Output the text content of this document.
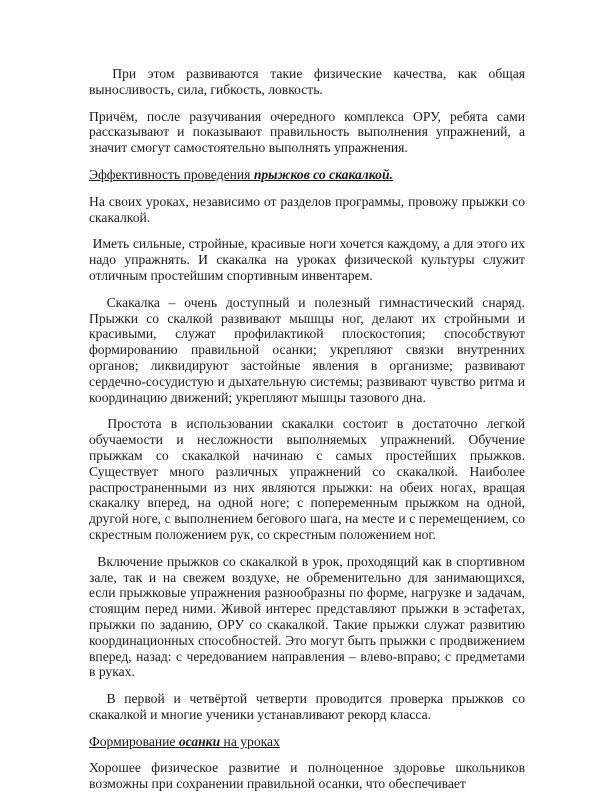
При этом развиваются такие физические качества, как общая выносливость, сила, гибкость, ловкость.

Причём, после разучивания очередного комплекса ОРУ, ребята сами рассказывают и показывают правильность выполнения упражнений, а значит смогут самостоятельно выполнять упражнения.

Эффективность проведения прыжков со скакалкой.

На своих уроках, независимо от разделов программы, провожу прыжки со скакалкой.

Иметь сильные, стройные, красивые ноги хочется каждому, а для этого их надо упражнять. И скакалка на уроках физической культуры служит отличным простейшим спортивным инвентарем.

Скакалка – очень доступный и полезный гимнастический снаряд. Прыжки со скалкой развивают мышцы ног, делают их стройными и красивыми, служат профилактикой плоскостопия; способствуют формированию правильной осанки; укрепляют связки внутренних органов; ликвидируют застойные явления в организме; развивают сердечно-сосудистую и дыхательную системы; развивают чувство ритма и координацию движений; укрепляют мышцы тазового дна.

Простота в использовании скакалки состоит в достаточно легкой обучаемости и несложности выполняемых упражнений. Обучение прыжкам со скакалкой начинаю с самых простейших прыжков. Существует много различных упражнений со скакалкой. Наиболее распространенными из них являются прыжки: на обеих ногах, вращая скакалку вперед, на одной ноге; с попеременным прыжком на одной, другой ноге, с выполнением бегового шага, на месте и с перемещением, со скрестным положением рук, со скрестным положением ног.

Включение прыжков со скакалкой в урок, проходящий как в спортивном зале, так и на свежем воздухе, не обременительно для занимающихся, если прыжковые упражнения разнообразны по форме, нагрузке и задачам, стоящим перед ними. Живой интерес представляют прыжки в эстафетах, прыжки по заданию, ОРУ со скакалкой. Такие прыжки служат развитию координационных способностей. Это могут быть прыжки с продвижением вперед, назад: с чередованием направления – влево-вправо; с предметами в руках.

В первой и четвёртой четверти проводится проверка прыжков со скакалкой и многие ученики устанавливают рекорд класса.

Формирование осанки на уроках

Хорошее физическое развитие и полноценное здоровье школьников возможны при сохранении правильной осанки, что обеспечивает
